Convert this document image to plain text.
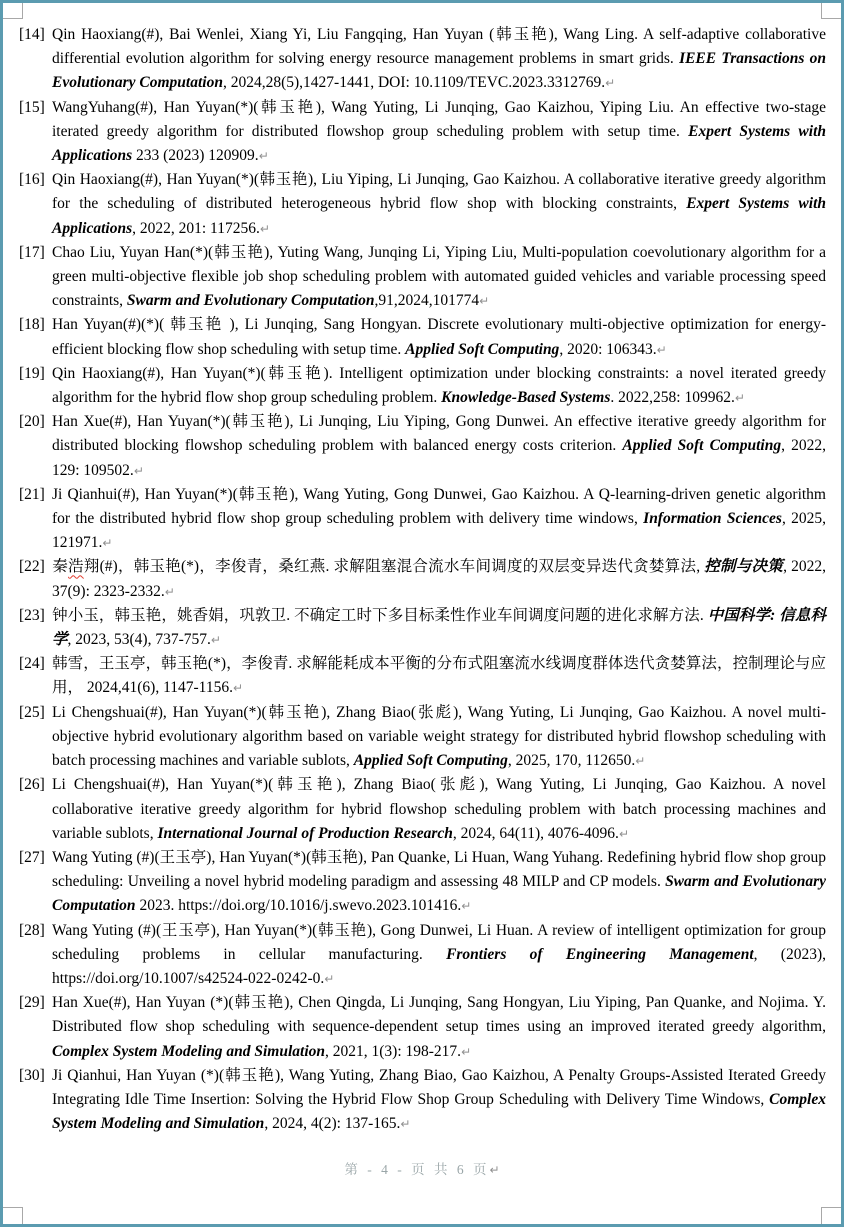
[14] Qin Haoxiang(#), Bai Wenlei, Xiang Yi, Liu Fangqing, Han Yuyan (韩玉艳), Wang Ling. A self-adaptive collaborative differential evolution algorithm for solving energy resource management problems in smart grids. IEEE Transactions on Evolutionary Computation, 2024,28(5),1427-1441, DOI: 10.1109/TEVC.2023.3312769.↵
[15] WangYuhang(#), Han Yuyan(*)(韩玉艳), Wang Yuting, Li Junqing, Gao Kaizhou, Yiping Liu. An effective two-stage iterated greedy algorithm for distributed flowshop group scheduling problem with setup time. Expert Systems with Applications 233 (2023) 120909.↵
[16] Qin Haoxiang(#), Han Yuyan(*)(韩玉艳), Liu Yiping, Li Junqing, Gao Kaizhou. A collaborative iterative greedy algorithm for the scheduling of distributed heterogeneous hybrid flow shop with blocking constraints, Expert Systems with Applications, 2022, 201: 117256.↵
[17] Chao Liu, Yuyan Han(*)(韩玉艳), Yuting Wang, Junqing Li, Yiping Liu, Multi-population coevolutionary algorithm for a green multi-objective flexible job shop scheduling problem with automated guided vehicles and variable processing speed constraints, Swarm and Evolutionary Computation,91,2024,101774↵
[18] Han Yuyan(#)(*)( 韩玉艳 ), Li Junqing, Sang Hongyan. Discrete evolutionary multi-objective optimization for energy-efficient blocking flow shop scheduling with setup time. Applied Soft Computing, 2020: 106343.↵
[19] Qin Haoxiang(#), Han Yuyan(*)(韩玉艳). Intelligent optimization under blocking constraints: a novel iterated greedy algorithm for the hybrid flow shop group scheduling problem. Knowledge-Based Systems. 2022,258: 109962.↵
[20] Han Xue(#), Han Yuyan(*)(韩玉艳), Li Junqing, Liu Yiping, Gong Dunwei. An effective iterative greedy algorithm for distributed blocking flowshop scheduling problem with balanced energy costs criterion. Applied Soft Computing, 2022, 129: 109502.↵
[21] Ji Qianhui(#), Han Yuyan(*)(韩玉艳), Wang Yuting, Gong Dunwei, Gao Kaizhou. A Q-learning-driven genetic algorithm for the distributed hybrid flow shop group scheduling problem with delivery time windows, Information Sciences, 2025, 121971.↵
[22] 秦浩翔(#)，韩玉艳(*)，李俊青，桑红燕. 求解阻塞混合流水车间调度的双层变异迭代贪婪算法, 控制与决策, 2022, 37(9): 2323-2332.↵
[23] 钟小玉，韩玉艳，姚香娟，巩敦卫. 不确定工时下多目标柔性作业车间调度问题的进化求解方法. 中国科学: 信息科学, 2023, 53(4), 737-757.↵
[24] 韩雪，王玉亭，韩玉艳(*)，李俊青. 求解能耗成本平衡的分布式阻塞流水线调度群体迭代贪婪算法，控制理论与应用， 2024,41(6), 1147-1156.↵
[25] Li Chengshuai(#), Han Yuyan(*)(韩玉艳), Zhang Biao(张彪), Wang Yuting, Li Junqing, Gao Kaizhou. A novel multi-objective hybrid evolutionary algorithm based on variable weight strategy for distributed hybrid flowshop scheduling with batch processing machines and variable sublots, Applied Soft Computing, 2025, 170, 112650.↵
[26] Li Chengshuai(#), Han Yuyan(*)(韩玉艳), Zhang Biao(张彪), Wang Yuting, Li Junqing, Gao Kaizhou. A novel collaborative iterative greedy algorithm for hybrid flowshop scheduling problem with batch processing machines and variable sublots, International Journal of Production Research, 2024, 64(11), 4076-4096.↵
[27] Wang Yuting (#)(王玉亭), Han Yuyan(*)(韩玉艳), Pan Quanke, Li Huan, Wang Yuhang. Redefining hybrid flow shop group scheduling: Unveiling a novel hybrid modeling paradigm and assessing 48 MILP and CP models. Swarm and Evolutionary Computation 2023. https://doi.org/10.1016/j.swevo.2023.101416.↵
[28] Wang Yuting (#)(王玉亭), Han Yuyan(*)(韩玉艳), Gong Dunwei, Li Huan. A review of intelligent optimization for group scheduling problems in cellular manufacturing. Frontiers of Engineering Management, (2023), https://doi.org/10.1007/s42524-022-0242-0.↵
[29] Han Xue(#), Han Yuyan (*)(韩玉艳), Chen Qingda, Li Junqing, Sang Hongyan, Liu Yiping, Pan Quanke, and Nojima. Y. Distributed flow shop scheduling with sequence-dependent setup times using an improved iterated greedy algorithm, Complex System Modeling and Simulation, 2021, 1(3): 198-217.↵
[30] Ji Qianhui, Han Yuyan (*)(韩玉艳), Wang Yuting, Zhang Biao, Gao Kaizhou, A Penalty Groups-Assisted Iterated Greedy Integrating Idle Time Insertion: Solving the Hybrid Flow Shop Group Scheduling with Delivery Time Windows, Complex System Modeling and Simulation, 2024, 4(2): 137-165.↵
第 - 4 - 页 共 6 页↵
